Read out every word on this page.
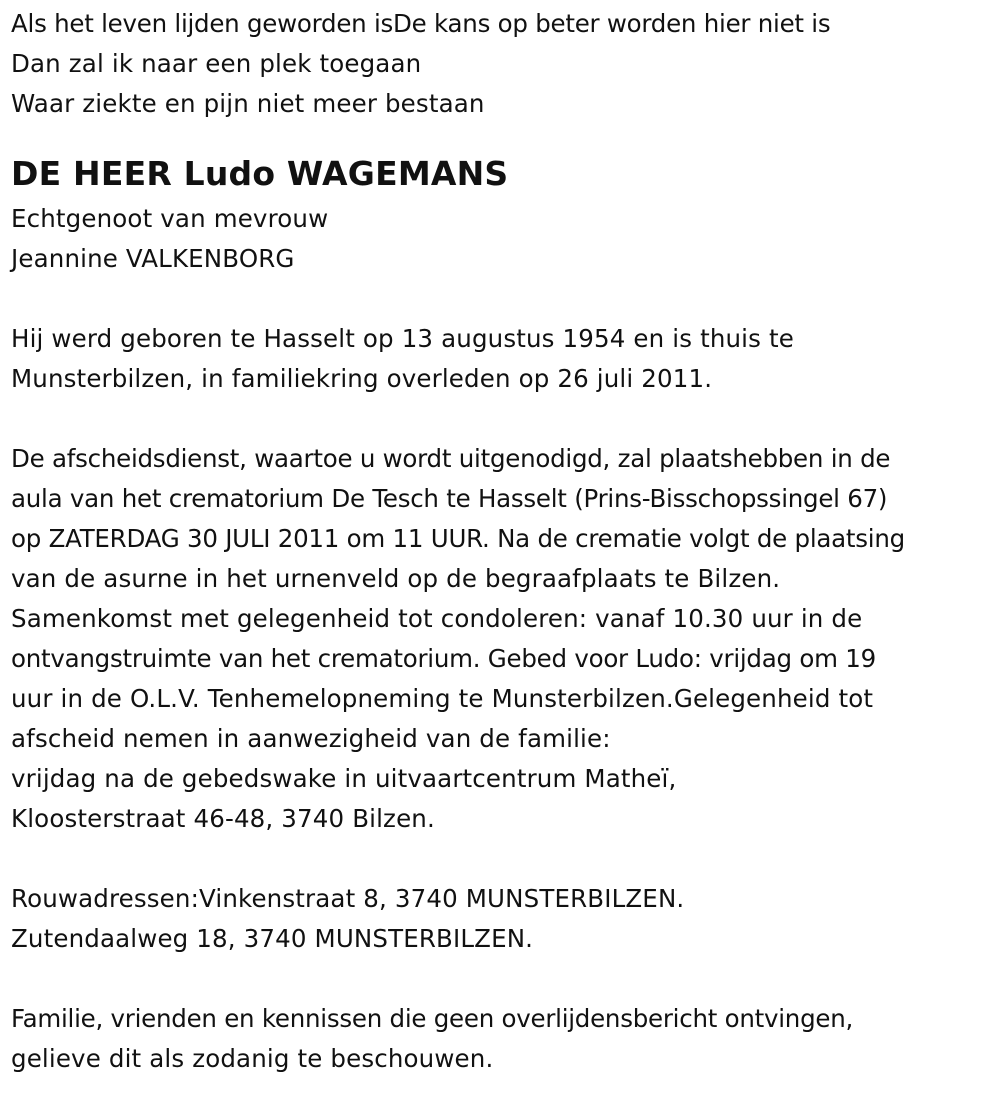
Als het leven lijden geworden isDe kans op beter worden hier niet is
Dan zal ik naar een plek toegaan
Waar ziekte en pijn niet meer bestaan
DE HEER Ludo WAGEMANS
Echtgenoot van mevrouw
Jeannine VALKENBORG
Hij werd geboren te Hasselt op 13 augustus 1954 en is thuis te
Munsterbilzen, in familiekring overleden op 26 juli 2011.
De afscheidsdienst, waartoe u wordt uitgenodigd, zal plaatshebben in de
aula van het crematorium De Tesch te Hasselt (Prins-Bisschopssingel 67)
op ZATERDAG 30 JULI 2011 om 11 UUR. Na de crematie volgt de plaatsing
van de asurne in het urnenveld op de begraafplaats te Bilzen.
Samenkomst met gelegenheid tot condoleren: vanaf 10.30 uur in de
ontvangstruimte van het crematorium. Gebed voor Ludo: vrijdag om 19
uur in de O.L.V. Tenhemelopneming te Munsterbilzen.Gelegenheid tot
afscheid nemen in aanwezigheid van de familie:
vrijdag na de gebedswake in uitvaartcentrum Matheï,
Kloosterstraat 46-48, 3740 Bilzen.
Rouwadressen:Vinkenstraat 8, 3740 MUNSTERBILZEN.
Zutendaalweg 18, 3740 MUNSTERBILZEN.
Familie, vrienden en kennissen die geen overlijdensbericht ontvingen,
gelieve dit als zodanig te beschouwen.
